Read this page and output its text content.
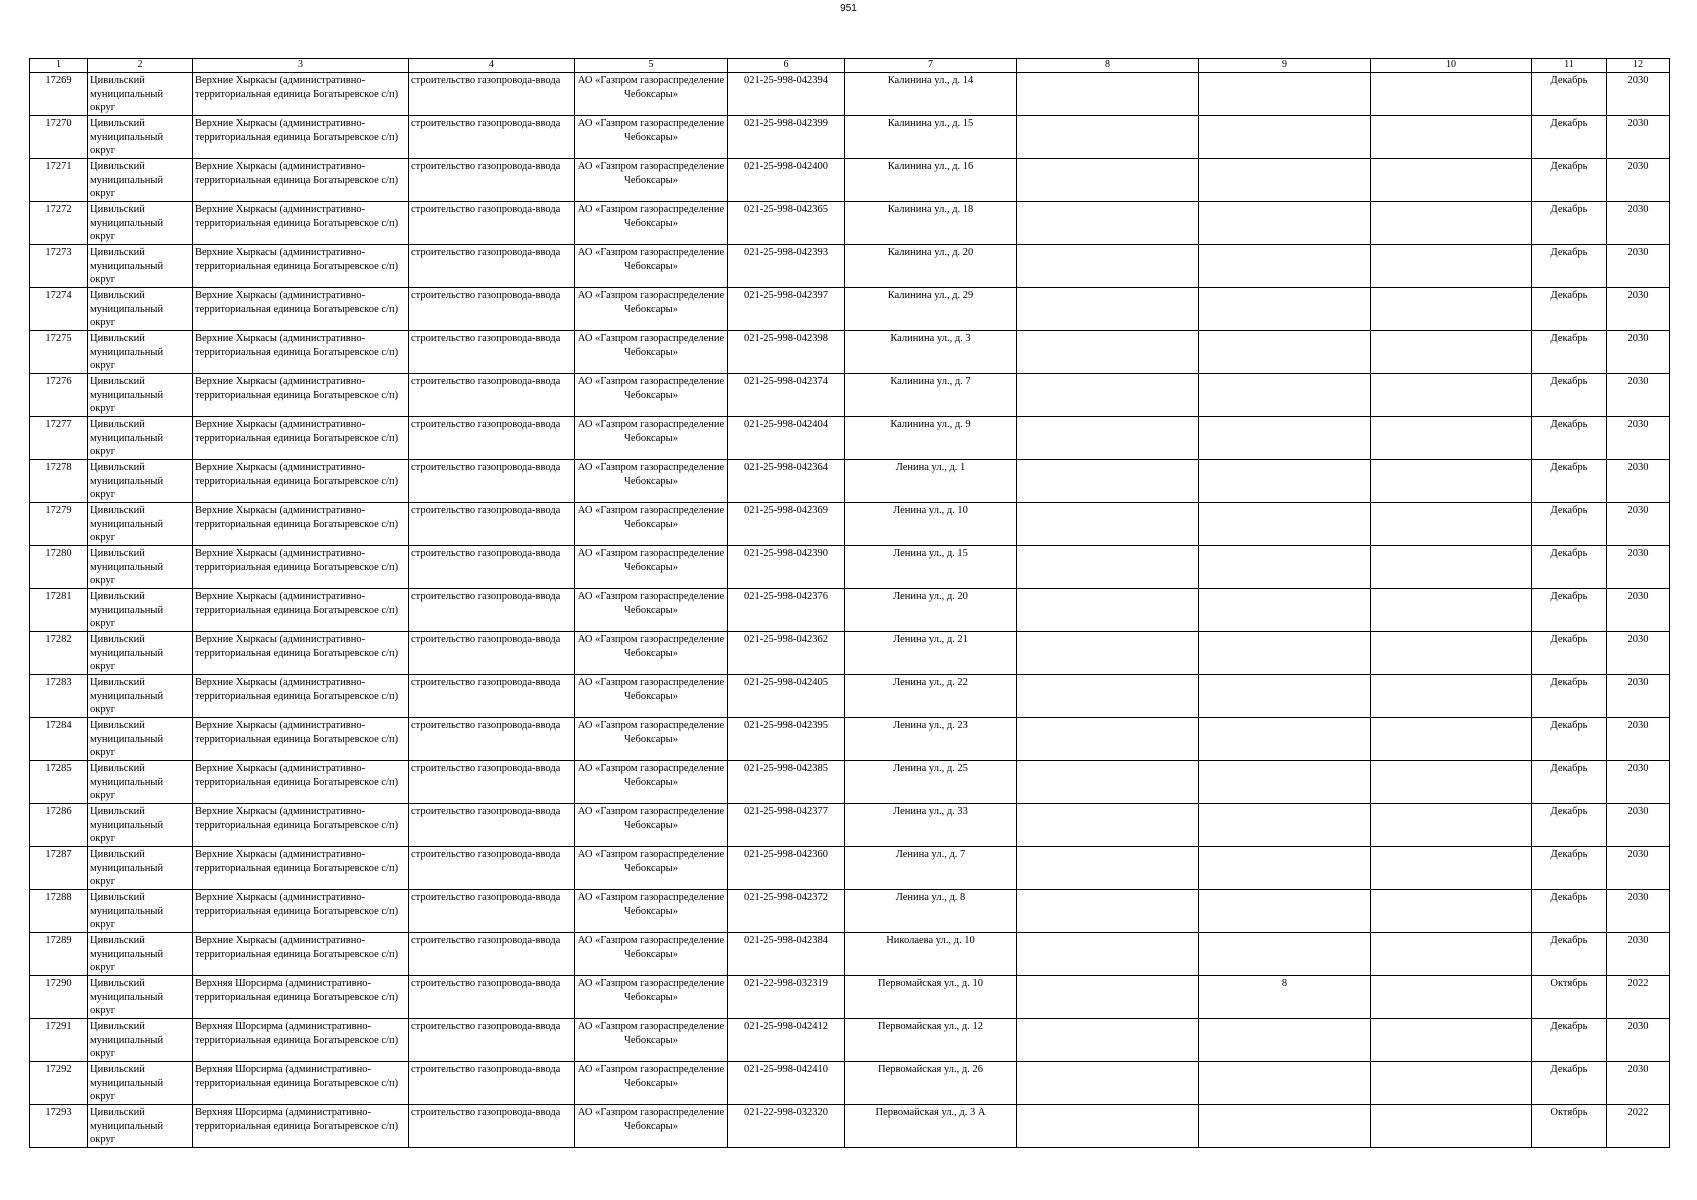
951
1	2	3	4	5	6	7	8	9	10	11	12

17269	Цивильский муниципальный округ	Верхние Хыркасы (административно-территориальная единица Богатыревское с/п)	строительство газопровода-ввода	АО «Газпром газораспределение Чебоксары»	021-25-998-042394	Калинина ул., д. 14				Декабрь	2030

17270	Цивильский муниципальный округ	Верхние Хыркасы (административно-территориальная единица Богатыревское с/п)	строительство газопровода-ввода	АО «Газпром газораспределение Чебоксары»	021-25-998-042399	Калинина ул., д. 15				Декабрь	2030

17271	Цивильский муниципальный округ	Верхние Хыркасы (административно-территориальная единица Богатыревское с/п)	строительство газопровода-ввода	АО «Газпром газораспределение Чебоксары»	021-25-998-042400	Калинина ул., д. 16				Декабрь	2030

17272	Цивильский муниципальный округ	Верхние Хыркасы (административно-территориальная единица Богатыревское с/п)	строительство газопровода-ввода	АО «Газпром газораспределение Чебоксары»	021-25-998-042365	Калинина ул., д. 18				Декабрь	2030

17273	Цивильский муниципальный округ	Верхние Хыркасы (административно-территориальная единица Богатыревское с/п)	строительство газопровода-ввода	АО «Газпром газораспределение Чебоксары»	021-25-998-042393	Калинина ул., д. 20				Декабрь	2030

17274	Цивильский муниципальный округ	Верхние Хыркасы (административно-территориальная единица Богатыревское с/п)	строительство газопровода-ввода	АО «Газпром газораспределение Чебоксары»	021-25-998-042397	Калинина ул., д. 29				Декабрь	2030

17275	Цивильский муниципальный округ	Верхние Хыркасы (административно-территориальная единица Богатыревское с/п)	строительство газопровода-ввода	АО «Газпром газораспределение Чебоксары»	021-25-998-042398	Калинина ул., д. 3				Декабрь	2030

17276	Цивильский муниципальный округ	Верхние Хыркасы (административно-территориальная единица Богатыревское с/п)	строительство газопровода-ввода	АО «Газпром газораспределение Чебоксары»	021-25-998-042374	Калинина ул., д. 7				Декабрь	2030

17277	Цивильский муниципальный округ	Верхние Хыркасы (административно-территориальная единица Богатыревское с/п)	строительство газопровода-ввода	АО «Газпром газораспределение Чебоксары»	021-25-998-042404	Калинина ул., д. 9				Декабрь	2030

17278	Цивильский муниципальный округ	Верхние Хыркасы (административно-территориальная единица Богатыревское с/п)	строительство газопровода-ввода	АО «Газпром газораспределение Чебоксары»	021-25-998-042364	Ленина ул., д. 1				Декабрь	2030

17279	Цивильский муниципальный округ	Верхние Хыркасы (административно-территориальная единица Богатыревское с/п)	строительство газопровода-ввода	АО «Газпром газораспределение Чебоксары»	021-25-998-042369	Ленина ул., д. 10				Декабрь	2030

17280	Цивильский муниципальный округ	Верхние Хыркасы (административно-территориальная единица Богатыревское с/п)	строительство газопровода-ввода	АО «Газпром газораспределение Чебоксары»	021-25-998-042390	Ленина ул., д. 15				Декабрь	2030

17281	Цивильский муниципальный округ	Верхние Хыркасы (административно-территориальная единица Богатыревское с/п)	строительство газопровода-ввода	АО «Газпром газораспределение Чебоксары»	021-25-998-042376	Ленина ул., д. 20				Декабрь	2030

17282	Цивильский муниципальный округ	Верхние Хыркасы (административно-территориальная единица Богатыревское с/п)	строительство газопровода-ввода	АО «Газпром газораспределение Чебоксары»	021-25-998-042362	Ленина ул., д. 21				Декабрь	2030

17283	Цивильский муниципальный округ	Верхние Хыркасы (административно-территориальная единица Богатыревское с/п)	строительство газопровода-ввода	АО «Газпром газораспределение Чебоксары»	021-25-998-042405	Ленина ул., д. 22				Декабрь	2030

17284	Цивильский муниципальный округ	Верхние Хыркасы (административно-территориальная единица Богатыревское с/п)	строительство газопровода-ввода	АО «Газпром газораспределение Чебоксары»	021-25-998-042395	Ленина ул., д. 23				Декабрь	2030

17285	Цивильский муниципальный округ	Верхние Хыркасы (административно-территориальная единица Богатыревское с/п)	строительство газопровода-ввода	АО «Газпром газораспределение Чебоксары»	021-25-998-042385	Ленина ул., д. 25				Декабрь	2030

17286	Цивильский муниципальный округ	Верхние Хыркасы (административно-территориальная единица Богатыревское с/п)	строительство газопровода-ввода	АО «Газпром газораспределение Чебоксары»	021-25-998-042377	Ленина ул., д. 33				Декабрь	2030

17287	Цивильский муниципальный округ	Верхние Хыркасы (административно-территориальная единица Богатыревское с/п)	строительство газопровода-ввода	АО «Газпром газораспределение Чебоксары»	021-25-998-042360	Ленина ул., д. 7				Декабрь	2030

17288	Цивильский муниципальный округ	Верхние Хыркасы (административно-территориальная единица Богатыревское с/п)	строительство газопровода-ввода	АО «Газпром газораспределение Чебоксары»	021-25-998-042372	Ленина ул., д. 8				Декабрь	2030

17289	Цивильский муниципальный округ	Верхние Хыркасы (административно-территориальная единица Богатыревское с/п)	строительство газопровода-ввода	АО «Газпром газораспределение Чебоксары»	021-25-998-042384	Николаева ул., д. 10				Декабрь	2030

17290	Цивильский муниципальный округ	Верхняя Шорсирма (административно-территориальная единица Богатыревское с/п)	строительство газопровода-ввода	АО «Газпром газораспределение Чебоксары»	021-22-998-032319	Первомайская ул., д. 10		8		Октябрь	2022

17291	Цивильский муниципальный округ	Верхняя Шорсирма (административно-территориальная единица Богатыревское с/п)	строительство газопровода-ввода	АО «Газпром газораспределение Чебоксары»	021-25-998-042412	Первомайская ул., д. 12				Декабрь	2030

17292	Цивильский муниципальный округ	Верхняя Шорсирма (административно-территориальная единица Богатыревское с/п)	строительство газопровода-ввода	АО «Газпром газораспределение Чебоксары»	021-25-998-042410	Первомайская ул., д. 26				Декабрь	2030

17293	Цивильский муниципальный округ	Верхняя Шорсирма (административно-территориальная единица Богатыревское с/п)	строительство газопровода-ввода	АО «Газпром газораспределение Чебоксары»	021-22-998-032320	Первомайская ул., д. 3 А				Октябрь	2022
